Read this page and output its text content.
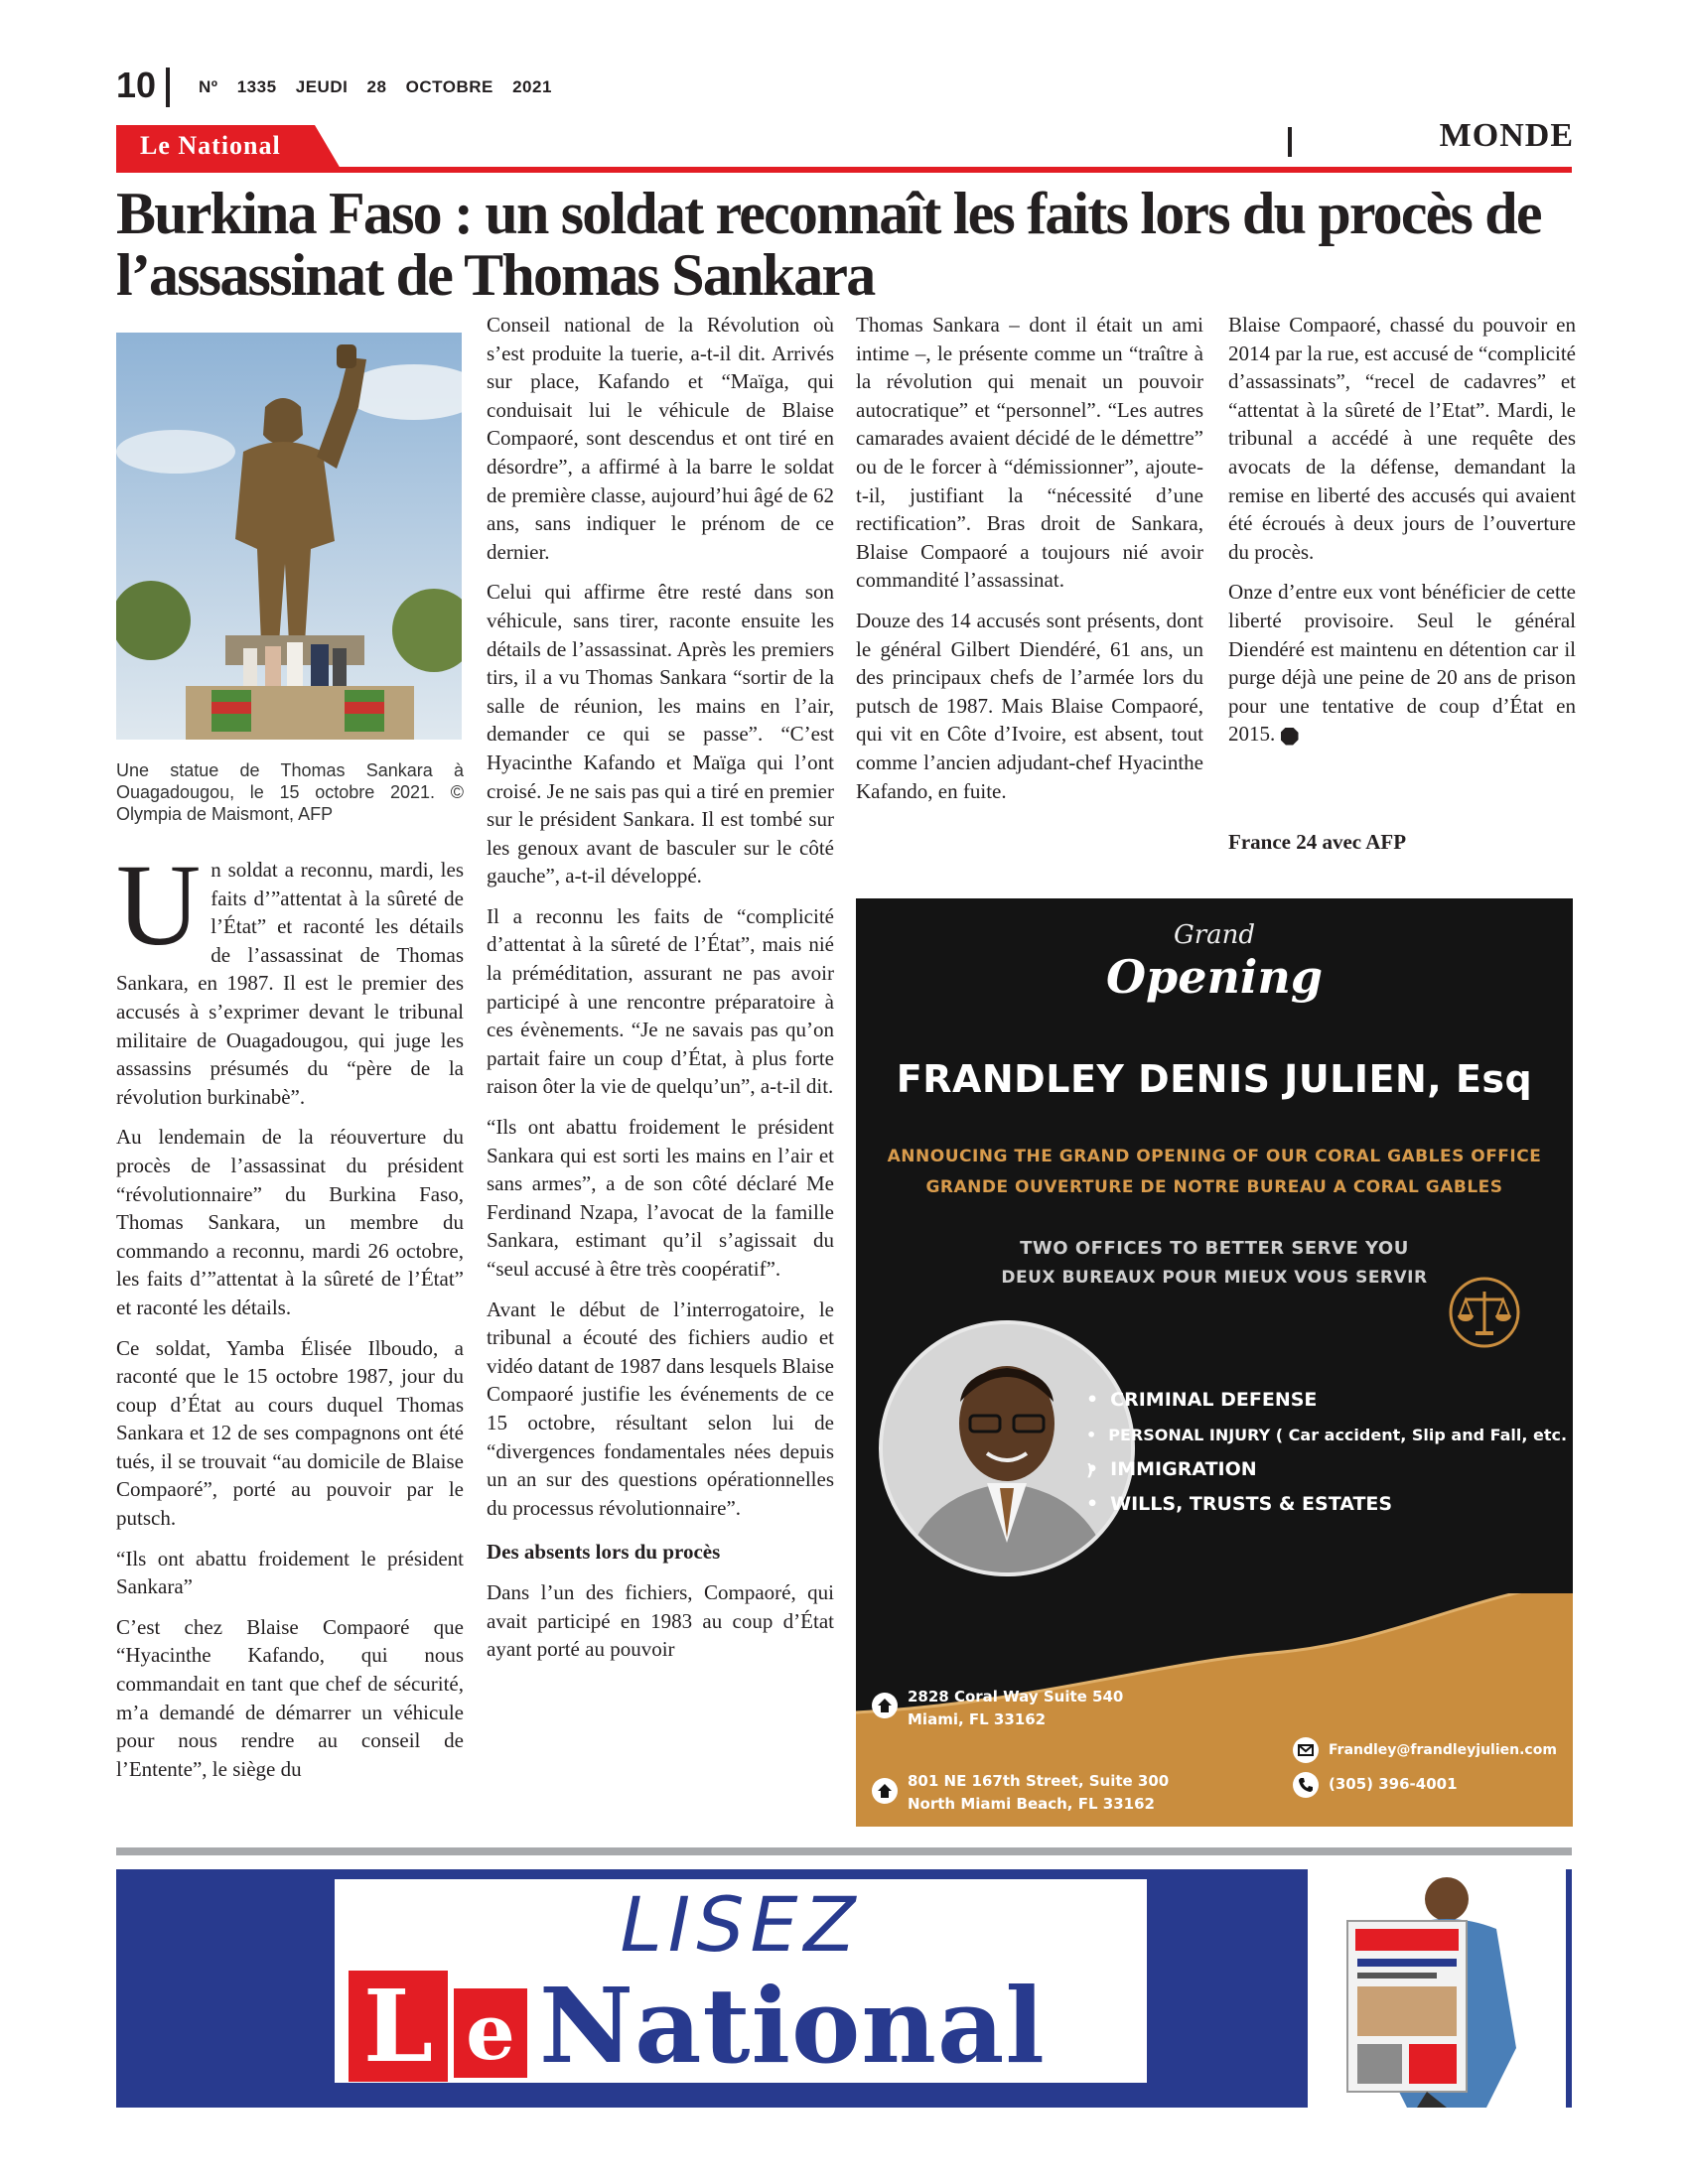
10	Nº 1335 JEUDI 28 OCTOBRE 2021
Le National	MONDE
Burkina Faso : un soldat reconnaît les faits lors du procès de l’assassinat de Thomas Sankara
Une statue de Thomas Sankara à Ouagadougou, le 15 octobre 2021. © Olympia de Maismont, AFP

Un soldat a reconnu, mardi, les faits d’”attentat à la sûreté de l’État” et raconté les détails de l’assassinat de Thomas Sankara, en 1987. Il est le premier des accusés à s’exprimer devant le tribunal militaire de Ouagadougou, qui juge les assassins présumés du “père de la révolution burkinabè”.

Au lendemain de la réouverture du procès de l’assassinat du président “révolutionnaire” du Burkina Faso, Thomas Sankara, un membre du commando a reconnu, mardi 26 octobre, les faits d’”attentat à la sûreté de l’État” et raconté les détails.

Ce soldat, Yamba Élisée Ilboudo, a raconté que le 15 octobre 1987, jour du coup d’État au cours duquel Thomas Sankara et 12 de ses compagnons ont été tués, il se trouvait “au domicile de Blaise Compaoré”, porté au pouvoir par le putsch.

“Ils ont abattu froidement le président Sankara”

C’est chez Blaise Compaoré que “Hyacinthe Kafando, qui nous commandait en tant que chef de sécurité, m’a demandé de démarrer un véhicule pour nous rendre au conseil de l’Entente”, le siège du

Conseil national de la Révolution où s’est produite la tuerie, a-t-il dit. Arrivés sur place, Kafando et “Maïga, qui conduisait lui le véhicule de Blaise Compaoré, sont descendus et ont tiré en désordre”, a affirmé à la barre le soldat de première classe, aujourd’hui âgé de 62 ans, sans indiquer le prénom de ce dernier.

Celui qui affirme être resté dans son véhicule, sans tirer, raconte ensuite les détails de l’assassinat. Après les premiers tirs, il a vu Thomas Sankara “sortir de la salle de réunion, les mains en l’air, demander ce qui se passe”. “C’est Hyacinthe Kafando et Maïga qui l’ont croisé. Je ne sais pas qui a tiré en premier sur le président Sankara. Il est tombé sur les genoux avant de basculer sur le côté gauche”, a-t-il développé.

Il a reconnu les faits de “complicité d’attentat à la sûreté de l’État”, mais nié la préméditation, assurant ne pas avoir participé à une rencontre préparatoire à ces évènements. “Je ne savais pas qu’on partait faire un coup d’État, à plus forte raison ôter la vie de quelqu’un”, a-t-il dit.

“Ils ont abattu froidement le président Sankara qui est sorti les mains en l’air et sans armes”, a de son côté déclaré Me Ferdinand Nzapa, l’avocat de la famille Sankara, estimant qu’il s’agissait du “seul accusé à être très coopératif”.

Avant le début de l’interrogatoire, le tribunal a écouté des fichiers audio et vidéo datant de 1987 dans lesquels Blaise Compaoré justifie les événements de ce 15 octobre, résultant selon lui de “divergences fondamentales nées depuis un an sur des questions opérationnelles du processus révolutionnaire”.

Des absents lors du procès

Dans l’un des fichiers, Compaoré, qui avait participé en 1983 au coup d’État ayant porté au pouvoir

Thomas Sankara – dont il était un ami intime –, le présente comme un “traître à la révolution qui menait un pouvoir autocratique” et “personnel”. “Les autres camarades avaient décidé de le démettre” ou de le forcer à “démissionner”, ajoute-t-il, justifiant la “nécessité d’une rectification”. Bras droit de Sankara, Blaise Compaoré a toujours nié avoir commandité l’assassinat.

Douze des 14 accusés sont présents, dont le général Gilbert Diendéré, 61 ans, un des principaux chefs de l’armée lors du putsch de 1987. Mais Blaise Compaoré, qui vit en Côte d’Ivoire, est absent, tout comme l’ancien adjudant-chef Hyacinthe Kafando, en fuite.

Blaise Compaoré, chassé du pouvoir en 2014 par la rue, est accusé de “complicité d’assassinats”, “recel de cadavres” et “attentat à la sûreté de l’Etat”. Mardi, le tribunal a accédé à une requête des avocats de la défense, demandant la remise en liberté des accusés qui avaient été écroués à deux jours de l’ouverture du procès.

Onze d’entre eux vont bénéficier de cette liberté provisoire. Seul le général Diendéré est maintenu en détention car il purge déjà une peine de 20 ans de prison pour une tentative de coup d’État en 2015.

France 24 avec AFP
Grand
Opening
FRANDLEY DENIS JULIEN, Esq
ANNOUCING THE GRAND OPENING OF OUR CORAL GABLES OFFICE
GRANDE OUVERTURE DE NOTRE BUREAU A CORAL GABLES
TWO OFFICES TO BETTER SERVE YOU
DEUX BUREAUX POUR MIEUX VOUS SERVIR
• CRIMINAL DEFENSE
• PERSONAL INJURY ( Car accident, Slip and Fall, etc. )
• IMMIGRATION
• WILLS, TRUSTS & ESTATES
2828 Coral Way Suite 540
Miami, FL 33162
801 NE 167th Street, Suite 300
North Miami Beach, FL 33162
Frandley@frandleyjulien.com
(305) 396-4001
LISEZ
L e National
